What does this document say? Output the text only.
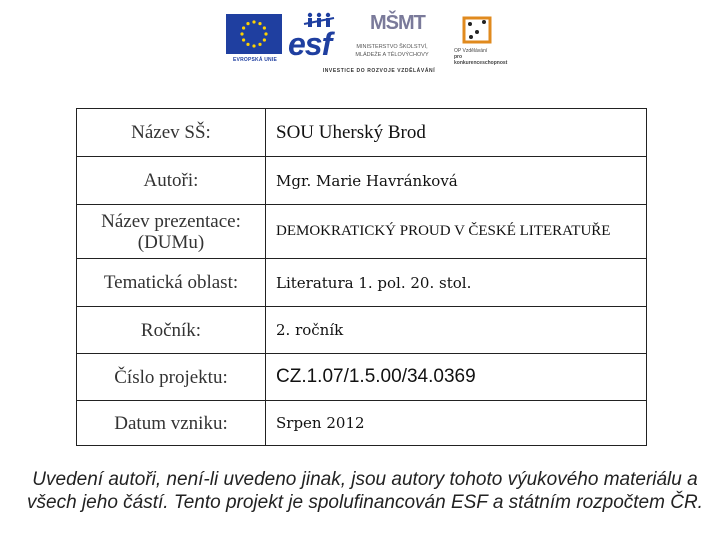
EVROPSKÁ UNIE esf
MŠMT
MINISTERSTVO ŠKOLSTVÍ,
MLÁDEŽE A TĚLOVÝCHOVY
OP Vzdělávání
pro konkurenceschopnost
INVESTICE DO ROZVOJE VZDĚLÁVÁNÍ
Název SŠ:	SOU Uherský Brod
Autoři:	Mgr. Marie Havránková
Název prezentace: (DUMu)	DEMOKRATICKÝ PROUD V ČESKÉ LITERATUŘE
Tematická oblast:	Literatura 1. pol. 20. stol.
Ročník:	2. ročník
Číslo projektu:	CZ.1.07/1.5.00/34.0369
Datum vzniku:	Srpen 2012
Uvedení autoři, není-li uvedeno jinak, jsou autory tohoto výukového materiálu a všech jeho částí. Tento projekt je spolufinancován ESF a státním rozpočtem ČR.
